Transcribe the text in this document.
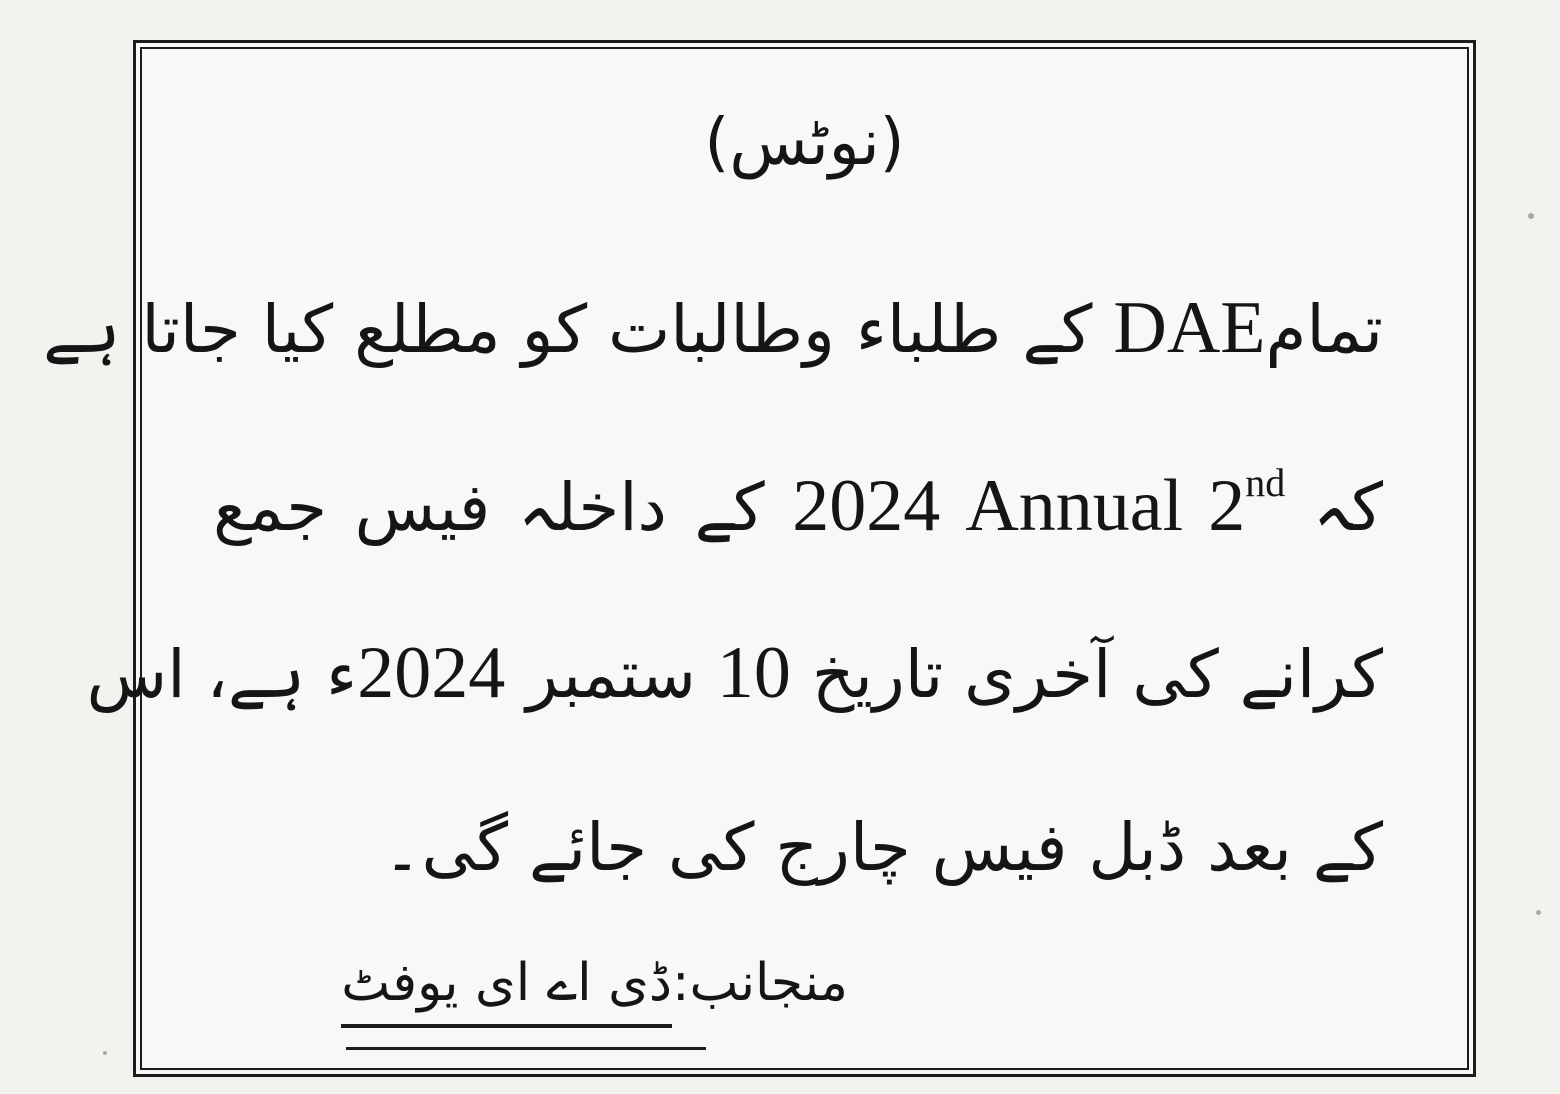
(نوٹس)

تمامDAE کے طلباء وطالبات کو مطلع کیا جاتا ہے

کہ 2024 Annual 2nd کے داخلہ فیس جمع

کرانے کی آخری تاریخ 10 ستمبر 2024ء ہے، اس

کے بعد ڈبل فیس چارج کی جائے گی۔

منجانب:ڈی اے ای یوفٹ
